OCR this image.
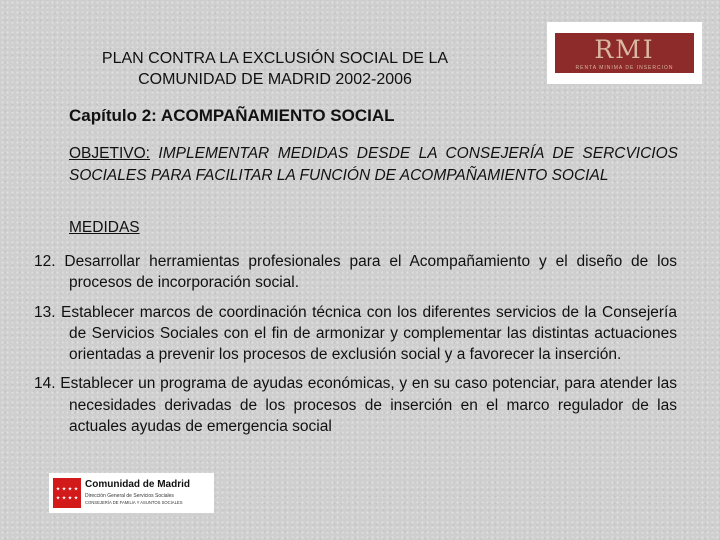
PLAN CONTRA LA EXCLUSIÓN SOCIAL DE LA
COMUNIDAD DE MADRID 2002-2006
RMI
RENTA MÍNIMA DE INSERCIÓN
Capítulo 2: ACOMPAÑAMIENTO SOCIAL

OBJETIVO: IMPLEMENTAR MEDIDAS DESDE LA CONSEJERÍA DE SERCVICIOS SOCIALES PARA FACILITAR LA FUNCIÓN DE ACOMPAÑAMIENTO SOCIAL

MEDIDAS

12. Desarrollar herramientas profesionales para el Acompañamiento y el diseño de los procesos de incorporación social.
13. Establecer marcos de coordinación técnica con los diferentes servicios de la Consejería de Servicios Sociales con el fin de armonizar y complementar las distintas actuaciones orientadas a prevenir los procesos de exclusión social y a favorecer la inserción.
14. Establecer un programa de ayudas económicas, y en su caso potenciar, para atender las necesidades derivadas de los procesos de inserción en el marco regulador de las actuales ayudas de emergencia social
Comunidad de Madrid
Dirección General de Servicios Sociales
CONSEJERÍA DE FAMILIA Y ASUNTOS SOCIALES
